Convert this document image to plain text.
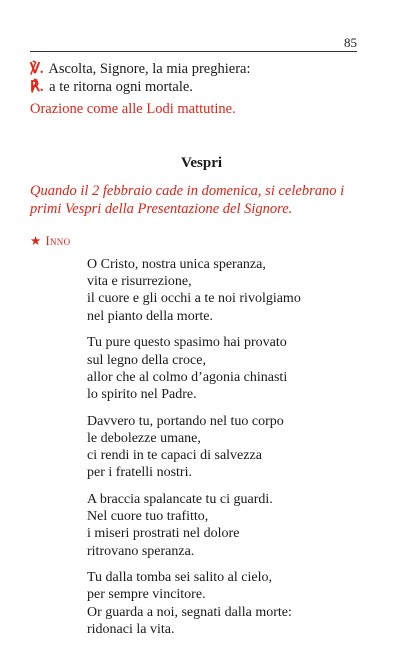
85
℣. Ascolta, Signore, la mia preghiera:
℟. a te ritorna ogni mortale.
Orazione come alle Lodi mattutine.
Vespri
Quando il 2 febbraio cade in domenica, si celebrano i primi Vespri della Presentazione del Signore.
★ Inno
O Cristo, nostra unica speranza,
vita e risurrezione,
il cuore e gli occhi a te noi rivolgiamo
nel pianto della morte.
Tu pure questo spasimo hai provato
sul legno della croce,
allor che al colmo d’agonia chinasti
lo spirito nel Padre.
Davvero tu, portando nel tuo corpo
le debolezze umane,
ci rendi in te capaci di salvezza
per i fratelli nostri.
A braccia spalancate tu ci guardi.
Nel cuore tuo trafitto,
i miseri prostrati nel dolore
ritrovano speranza.
Tu dalla tomba sei salito al cielo,
per sempre vincitore.
Or guarda a noi, segnati dalla morte:
ridonaci la vita.
